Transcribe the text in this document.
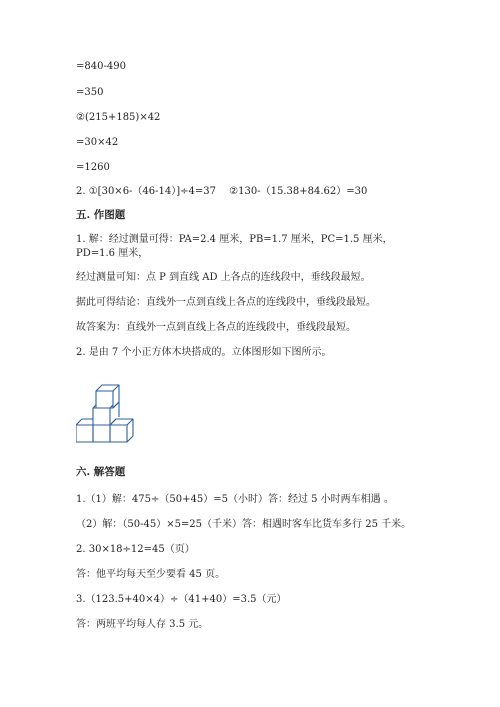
=840-490
=350
②(215+185)×42
=30×42
=1260
2. ①[30×6-（46-14）]÷4=37　 ②130-（15.38+84.62）=30
五. 作图题
1. 解：经过测量可得：PA=2.4 厘米，PB=1.7 厘米，PC=1.5 厘米，PD=1.6 厘米，
经过测量可知：点 P 到直线 AD 上各点的连线段中，垂线段最短。
据此可得结论：直线外一点到直线上各点的连线段中，垂线段最短。
故答案为：直线外一点到直线上各点的连线段中，垂线段最短。
2. 是由 7 个小正方体木块搭成的。立体图形如下图所示。
六. 解答题
1.（1）解：475÷（50+45）=5（小时）答：经过 5 小时两车相遇 。
（2）解：（50-45）×5=25（千米）答：相遇时客车比货车多行 25 千米。
2. 30×18÷12=45（页）
答：他平均每天至少要看 45 页。
3.（123.5+40×4）÷（41+40）=3.5（元）
答：两班平均每人存 3.5 元。
